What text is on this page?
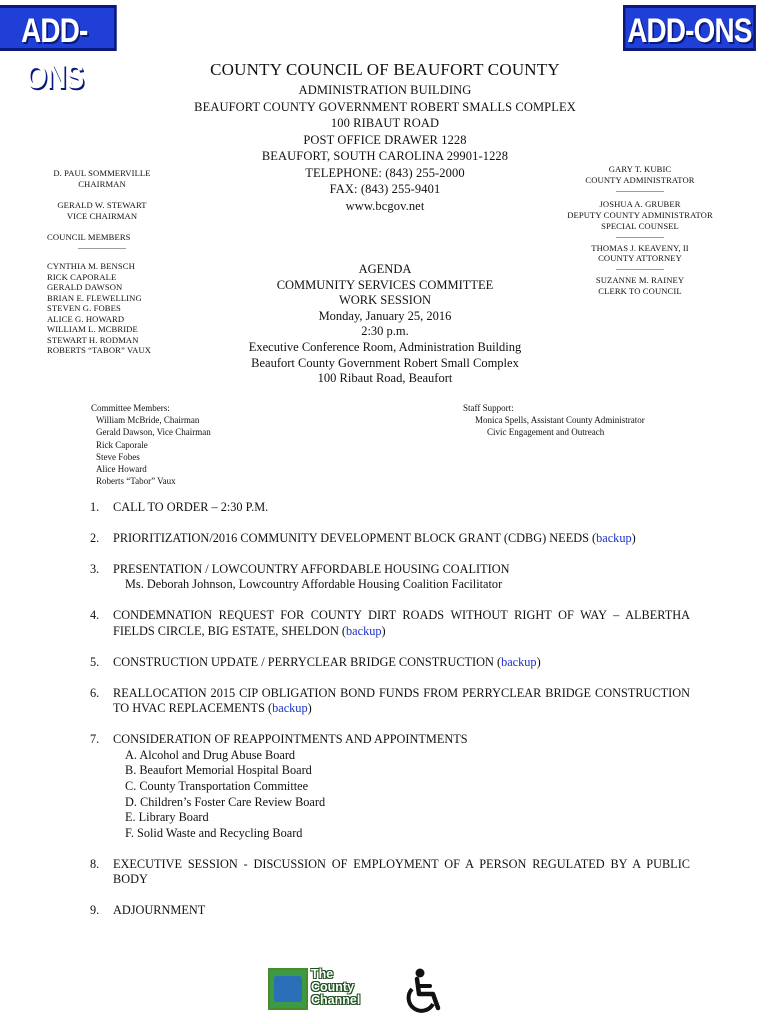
ADD-ONS
ADD-ONS
COUNTY COUNCIL OF BEAUFORT COUNTY
ADMINISTRATION BUILDING
BEAUFORT COUNTY GOVERNMENT ROBERT SMALLS COMPLEX
100 RIBAUT ROAD
POST OFFICE DRAWER 1228
BEAUFORT, SOUTH CAROLINA 29901-1228
TELEPHONE: (843) 255-2000
FAX: (843) 255-9401
www.bcgov.net
D. PAUL SOMMERVILLE
CHAIRMAN
GERALD W. STEWART
VICE CHAIRMAN
COUNCIL MEMBERS
——————
CYNTHIA M. BENSCH
RICK CAPORALE
GERALD DAWSON
BRIAN E. FLEWELLING
STEVEN G. FOBES
ALICE G. HOWARD
WILLIAM L. MCBRIDE
STEWART H. RODMAN
ROBERTS “TABOR” VAUX
GARY T. KUBIC
COUNTY ADMINISTRATOR
——————
JOSHUA A. GRUBER
DEPUTY COUNTY ADMINISTRATOR
SPECIAL COUNSEL
——————
THOMAS J. KEAVENY, II
COUNTY ATTORNEY
——————
SUZANNE M. RAINEY
CLERK TO COUNCIL
AGENDA
COMMUNITY SERVICES COMMITTEE
WORK SESSION
Monday, January 25, 2016
2:30 p.m.
Executive Conference Room, Administration Building
Beaufort County Government Robert Small Complex
100 Ribaut Road, Beaufort
Committee Members:
William McBride, Chairman
Gerald Dawson, Vice Chairman
Rick Caporale
Steve Fobes
Alice Howard
Roberts “Tabor” Vaux
Staff Support:
Monica Spells, Assistant County Administrator
Civic Engagement and Outreach
1.	CALL TO ORDER – 2:30 P.M.
2.	PRIORITIZATION/2016 COMMUNITY DEVELOPMENT BLOCK GRANT (CDBG) NEEDS (backup)
3.	PRESENTATION / LOWCOUNTRY AFFORDABLE HOUSING COALITION
Ms. Deborah Johnson, Lowcountry Affordable Housing Coalition Facilitator
4.	CONDEMNATION REQUEST FOR COUNTY DIRT ROADS WITHOUT RIGHT OF WAY – ALBERTHA FIELDS CIRCLE, BIG ESTATE, SHELDON (backup)
5.	CONSTRUCTION UPDATE / PERRYCLEAR BRIDGE CONSTRUCTION (backup)
6.	REALLOCATION 2015 CIP OBLIGATION BOND FUNDS FROM PERRYCLEAR BRIDGE CONSTRUCTION TO HVAC REPLACEMENTS (backup)
7.	CONSIDERATION OF REAPPOINTMENTS AND APPOINTMENTS
A. Alcohol and Drug Abuse Board
B. Beaufort Memorial Hospital Board
C. County Transportation Committee
D. Children’s Foster Care Review Board
E. Library Board
F. Solid Waste and Recycling Board
8.	EXECUTIVE SESSION - DISCUSSION OF EMPLOYMENT OF A PERSON REGULATED BY A PUBLIC BODY
9.	ADJOURNMENT
The
County
Channel
